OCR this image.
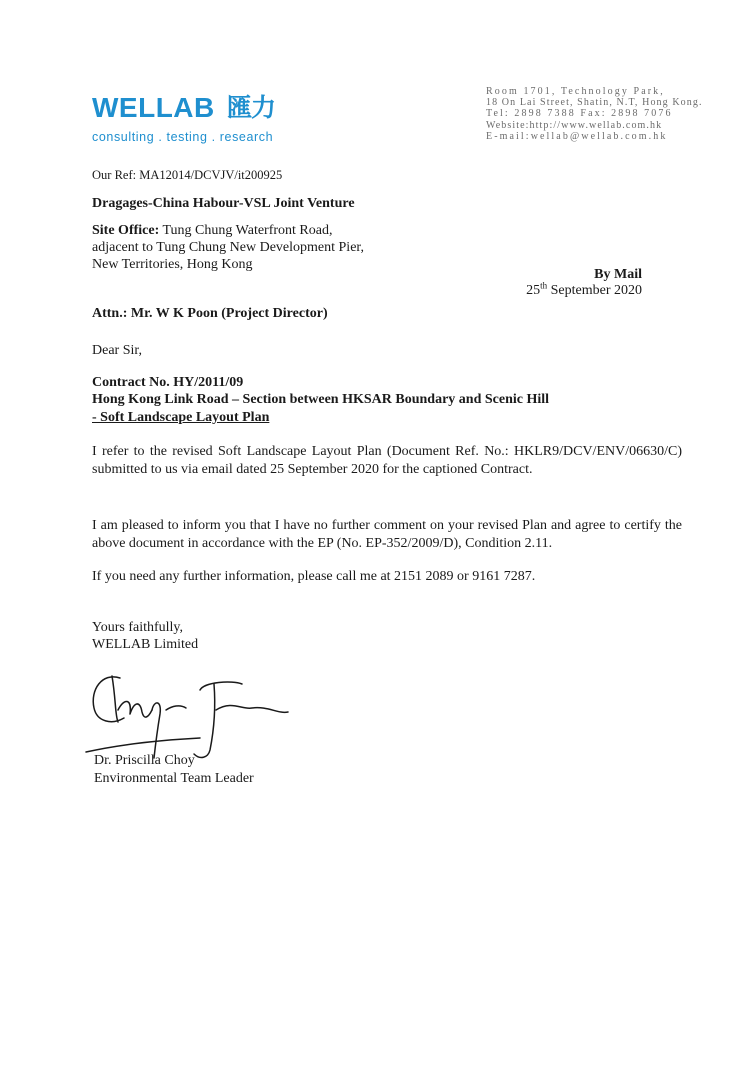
WELLAB 匯力
consulting . testing . research
Room 1701, Technology Park,
18 On Lai Street, Shatin, N.T, Hong Kong.
Tel: 2898 7388 Fax: 2898 7076
Website:http://www.wellab.com.hk
E-mail:wellab@wellab.com.hk
Our Ref: MA12014/DCVJV/it200925
Dragages-China Habour-VSL Joint Venture
Site Office: Tung Chung Waterfront Road,
adjacent to Tung Chung New Development Pier,
New Territories, Hong Kong
By Mail
25th September 2020
Attn.: Mr. W K Poon (Project Director)
Dear Sir,
Contract No. HY/2011/09
Hong Kong Link Road – Section between HKSAR Boundary and Scenic Hill
- Soft Landscape Layout Plan
I refer to the revised Soft Landscape Layout Plan (Document Ref. No.: HKLR9/DCV/ENV/06630/C) submitted to us via email dated 25 September 2020 for the captioned Contract.
I am pleased to inform you that I have no further comment on your revised Plan and agree to certify the above document in accordance with the EP (No. EP-352/2009/D), Condition 2.11.
If you need any further information, please call me at 2151 2089 or 9161 7287.
Yours faithfully,
WELLAB Limited
Dr. Priscilla Choy
Environmental Team Leader
